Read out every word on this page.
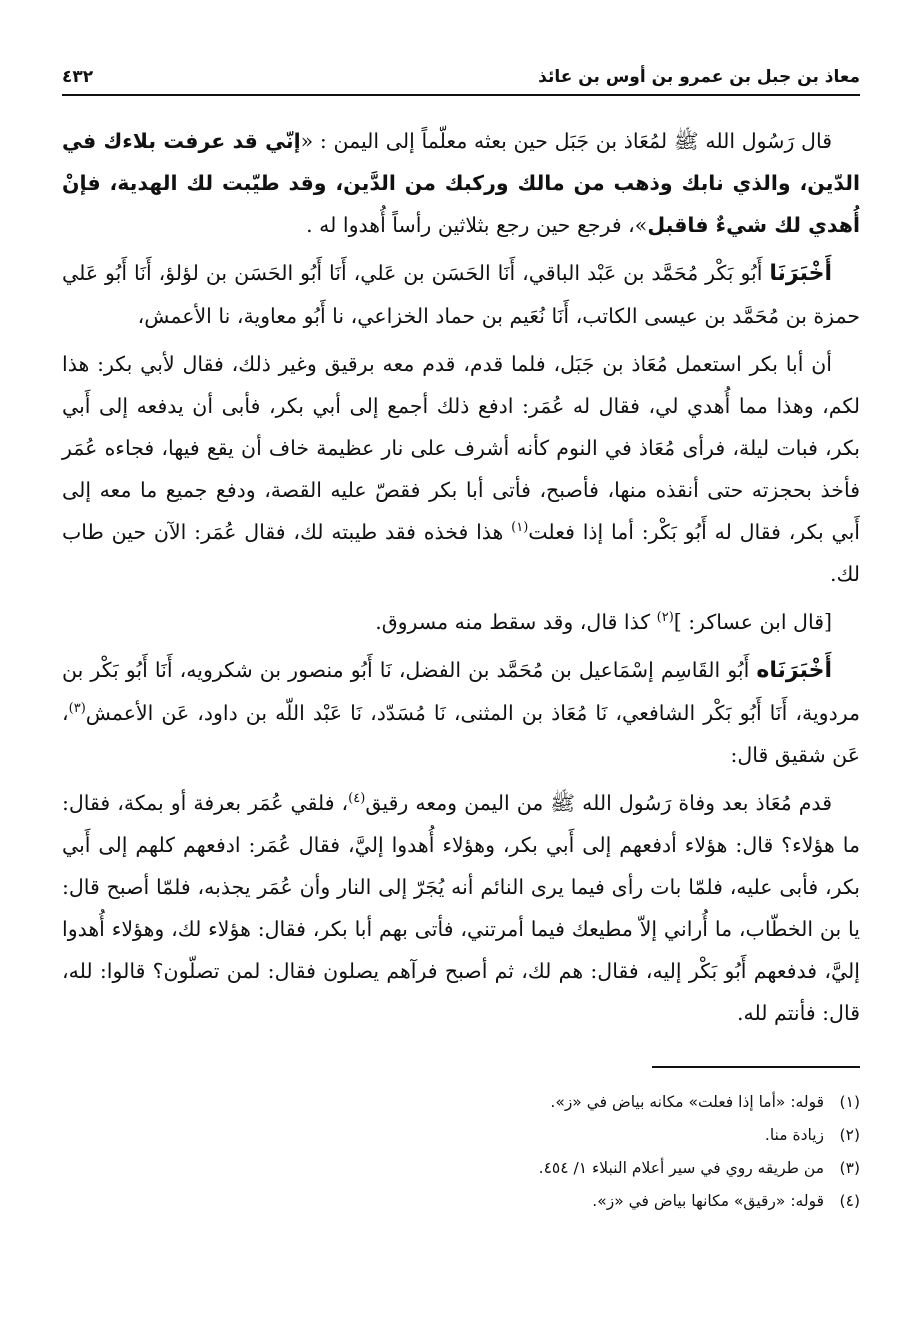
معاذ بن جبل بن عمرو بن أوس بن عائذ
٤٣٢

قال رَسُول الله ﷺ لمُعَاذ بن جَبَل حين بعثه معلّماً إلى اليمن : «إنّي قد عرفت بلاءك في الدّين، والذي نابك وذهب من مالك وركبك من الدَّين، وقد طيّبت لك الهدية، فإنْ أُهدي لك شيءٌ فاقبل»، فرجع حين رجع بثلاثين رأساً أُهدوا له .

أَخْبَرَنَا أَبُو بَكْر مُحَمَّد بن عَبْد الباقي، أَنَا الحَسَن بن عَلي، أَنَا أَبُو الحَسَن بن لؤلؤ، أَنَا أَبُو عَلي حمزة بن مُحَمَّد بن عيسى الكاتب، أَنَا نُعَيم بن حماد الخزاعي، نا أَبُو معاوية، نا الأعمش،

أن أبا بكر استعمل مُعَاذ بن جَبَل، فلما قدم، قدم معه برقيق وغير ذلك، فقال لأبي بكر: هذا لكم، وهذا مما أُهدي لي، فقال له عُمَر: ادفع ذلك أجمع إلى أبي بكر، فأبى أن يدفعه إلى أَبي بكر، فبات ليلة، فرأى مُعَاذ في النوم كأنه أشرف على نار عظيمة خاف أن يقع فيها، فجاءه عُمَر فأخذ بحجزته حتى أنقذه منها، فأصبح، فأتى أبا بكر فقصّ عليه القصة، ودفع جميع ما معه إلى أَبي بكر، فقال له أَبُو بَكْر: أما إذا فعلت$^{(١)}$ هذا فخذه فقد طيبته لك، فقال عُمَر: الآن حين طاب لك.

[قال ابن عساكر: ]$^{(٢)}$ كذا قال، وقد سقط منه مسروق.

أَخْبَرَنَاه أَبُو القَاسِم إسْمَاعيل بن مُحَمَّد بن الفضل، نَا أَبُو منصور بن شكرويه، أَنَا أَبُو بَكْر بن مردوية، أَنَا أَبُو بَكْر الشافعي، نَا مُعَاذ بن المثنى، نَا مُسَدّد، نَا عَبْد اللّه بن داود، عَن الأعمش$^{(٣)}$، عَن شقيق قال:

قدم مُعَاذ بعد وفاة رَسُول الله ﷺ من اليمن ومعه رقيق$^{(٤)}$، فلقي عُمَر بعرفة أو بمكة، فقال: ما هؤلاء؟ قال: هؤلاء أدفعهم إلى أَبي بكر، وهؤلاء أُهدوا إليَّ، فقال عُمَر: ادفعهم كلهم إلى أَبي بكر، فأبى عليه، فلمّا بات رأى فيما يرى النائم أنه يُجَرّ إلى النار وأن عُمَر يجذبه، فلمّا أصبح قال: يا بن الخطّاب، ما أُراني إلاّ مطيعك فيما أمرتني، فأتى بهم أبا بكر، فقال: هؤلاء لك، وهؤلاء أُهدوا إليَّ، فدفعهم أَبُو بَكْر إليه، فقال: هم لك، ثم أصبح فرآهم يصلون فقال: لمن تصلّون؟ قالوا: لله، قال: فأنتم لله.

(١)
قوله: «أما إذا فعلت» مكانه بياض في «ز».
(٢)
زيادة منا.
(٣)
من طريقه روي في سير أعلام النبلاء ١/ ٤٥٤.
(٤)
قوله: «رقيق» مكانها بياض في «ز».
